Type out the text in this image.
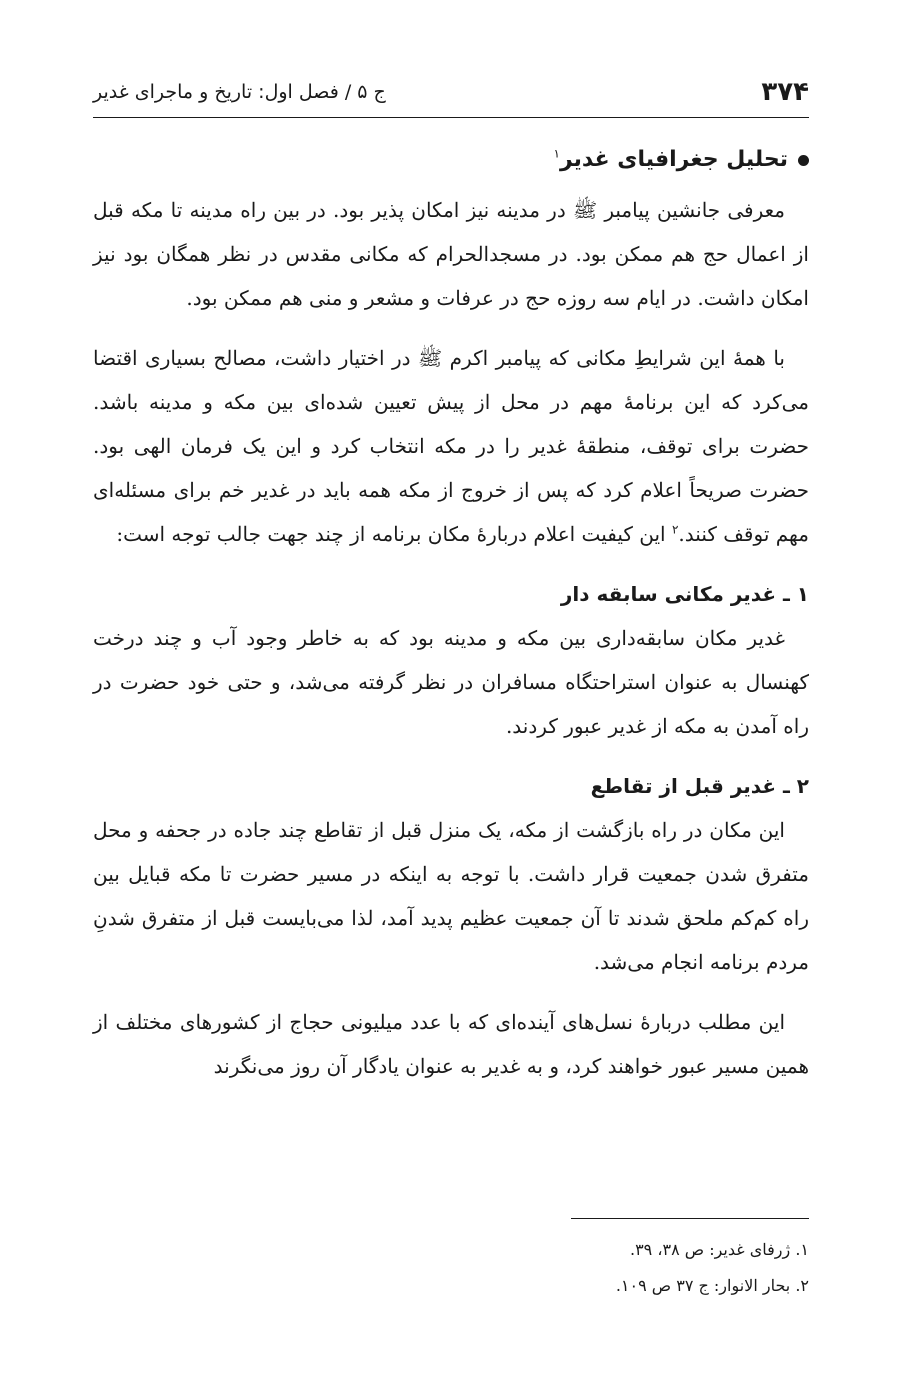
۳۷۴
ج ۵ / فصل اول: تاریخ و ماجرای غدیر
تحلیل جغرافیای غدیر$^۱$

معرفی جانشین پیامبر ﷺ در مدینه نیز امکان پذیر بود. در بین راه مدینه تا مکه قبل از اعمال حج هم ممکن بود. در مسجدالحرام که مکانی مقدس در نظر همگان بود نیز امکان داشت. در ایام سه روزه حج در عرفات و مشعر و منی هم ممکن بود.

با همهٔ این شرایطِ مکانی که پیامبر اکرم ﷺ در اختیار داشت، مصالح بسیاری اقتضا می‌کرد که این برنامهٔ مهم در محل از پیش تعیین شده‌ای بین مکه و مدینه باشد. حضرت برای توقف، منطقهٔ غدیر را در مکه انتخاب کرد و این یک فرمان الهی بود. حضرت صریحاً اعلام کرد که پس از خروج از مکه همه باید در غدیر خم برای مسئله‌ای مهم توقف کنند.$^۲$ این کیفیت اعلام دربارهٔ مکان برنامه از چند جهت جالب توجه است:

۱ ـ غدیر مکانی سابقه دار

غدیر مکان سابقه‌داری بین مکه و مدینه بود که به خاطر وجود آب و چند درخت کهنسال به عنوان استراحتگاه مسافران در نظر گرفته می‌شد، و حتی خود حضرت در راه آمدن به مکه از غدیر عبور کردند.

۲ ـ غدیر قبل از تقاطع

این مکان در راه بازگشت از مکه، یک منزل قبل از تقاطع چند جاده در جحفه و محل متفرق شدن جمعیت قرار داشت. با توجه به اینکه در مسیر حضرت تا مکه قبایل بین راه کم‌کم ملحق شدند تا آن جمعیت عظیم پدید آمد، لذا می‌بایست قبل از متفرق شدنِ مردم برنامه انجام می‌شد.

این مطلب دربارهٔ نسل‌های آینده‌ای که با عدد میلیونی حجاج از کشورهای مختلف از همین مسیر عبور خواهند کرد، و به غدیر به عنوان یادگار آن روز می‌نگرند

۱. ژرفای غدیر: ص ۳۸، ۳۹.

۲. بحار الانوار: ج ۳۷ ص ۱۰۹.
